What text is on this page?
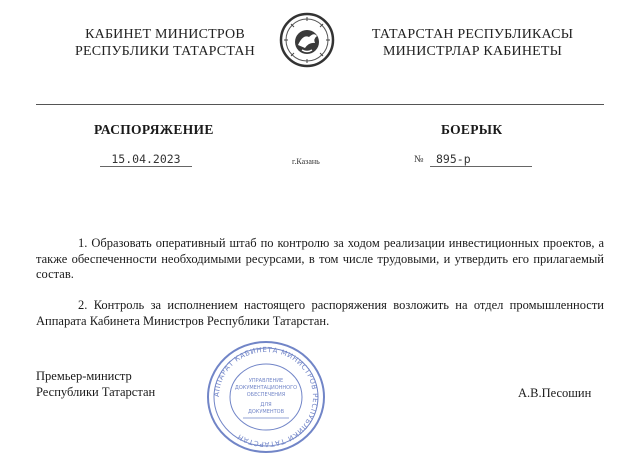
КАБИНЕТ МИНИСТРОВ
РЕСПУБЛИКИ ТАТАРСТАН
ТАТАРСТАН РЕСПУБЛИКАСЫ
МИНИСТРЛАР КАБИНЕТЫ
РАСПОРЯЖЕНИЕ	БОЕРЫК
15.04.2023	г.Казань	№	895-р
1. Образовать оперативный штаб по контролю за ходом реализации инвестиционных проектов, а также обеспеченности необходимыми ресурсами, в том числе трудовыми, и утвердить его прилагаемый состав.
2. Контроль за исполнением настоящего распоряжения возложить на отдел промышленности Аппарата Кабинета Министров Республики Татарстан.
Премьер-министр
Республики Татарстан	А.В.Песошин
АППАРАТ КАБИНЕТА МИНИСТРОВ РЕСПУБЛИКИ ТАТАРСТАН
УПРАВЛЕНИЕ
ДОКУМЕНТАЦИОННОГО
ОБЕСПЕЧЕНИЯ
ДЛЯ
ДОКУМЕНТОВ
